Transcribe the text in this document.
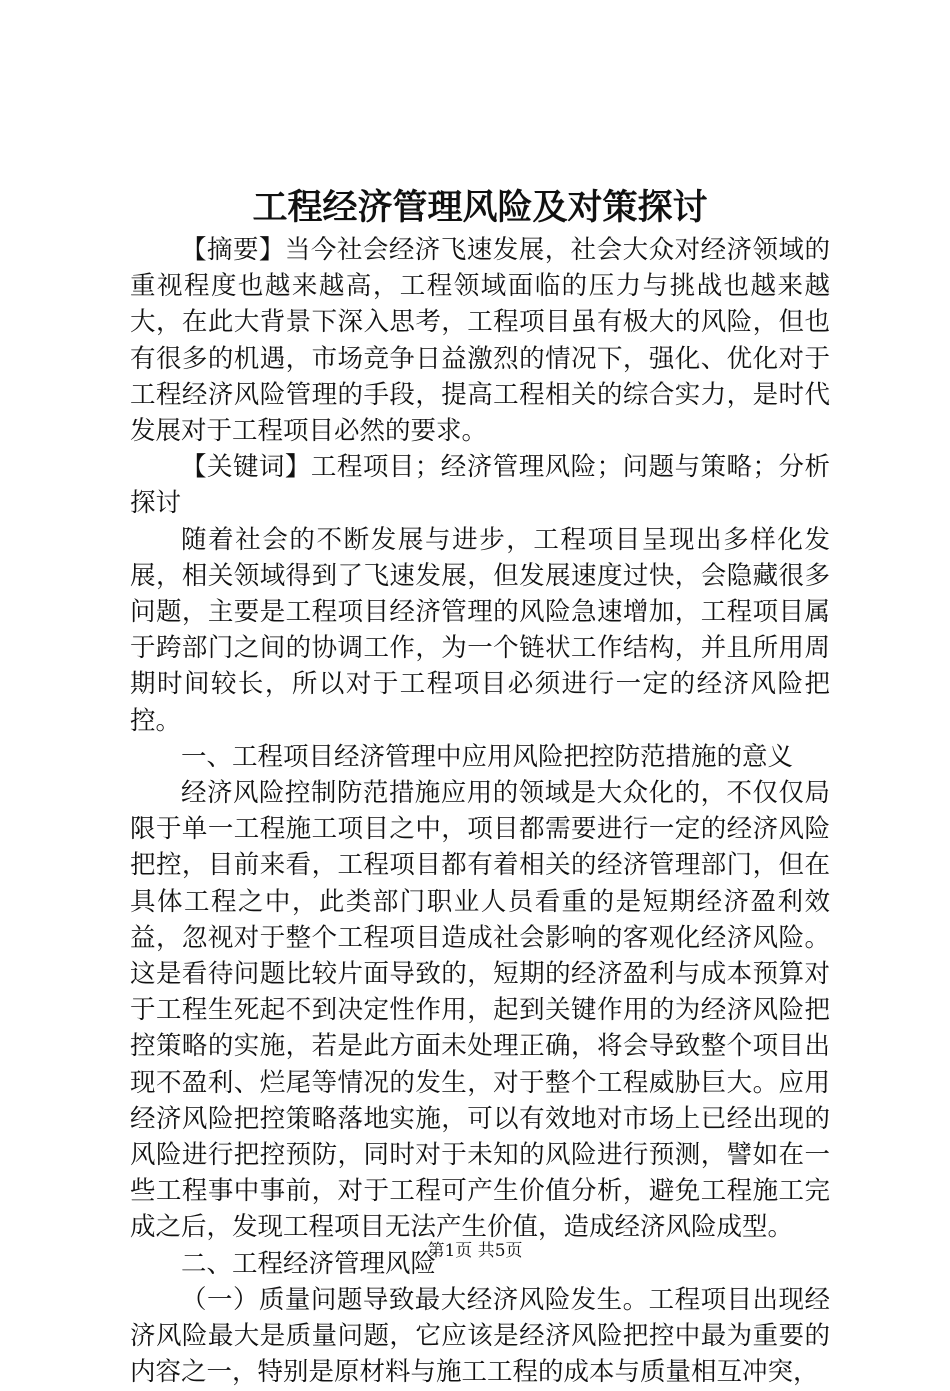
工程经济管理风险及对策探讨

【摘要】当今社会经济飞速发展，社会大众对经济领域的重视程度也越来越高，工程领域面临的压力与挑战也越来越大，在此大背景下深入思考，工程项目虽有极大的风险，但也有很多的机遇，市场竞争日益激烈的情况下，强化、优化对于工程经济风险管理的手段，提高工程相关的综合实力，是时代发展对于工程项目必然的要求。

【关键词】工程项目；经济管理风险；问题与策略；分析探讨

随着社会的不断发展与进步，工程项目呈现出多样化发展，相关领域得到了飞速发展，但发展速度过快，会隐藏很多问题，主要是工程项目经济管理的风险急速增加，工程项目属于跨部门之间的协调工作，为一个链状工作结构，并且所用周期时间较长，所以对于工程项目必须进行一定的经济风险把控。

一、工程项目经济管理中应用风险把控防范措施的意义

经济风险控制防范措施应用的领域是大众化的，不仅仅局限于单一工程施工项目之中，项目都需要进行一定的经济风险把控，目前来看，工程项目都有着相关的经济管理部门，但在具体工程之中，此类部门职业人员看重的是短期经济盈利效益，忽视对于整个工程项目造成社会影响的客观化经济风险。这是看待问题比较片面导致的，短期的经济盈利与成本预算对于工程生死起不到决定性作用，起到关键作用的为经济风险把控策略的实施，若是此方面未处理正确，将会导致整个项目出现不盈利、烂尾等情况的发生，对于整个工程威胁巨大。应用经济风险把控策略落地实施，可以有效地对市场上已经出现的风险进行把控预防，同时对于未知的风险进行预测，譬如在一些工程事中事前，对于工程可产生价值分析，避免工程施工完成之后，发现工程项目无法产生价值，造成经济风险成型。

二、工程经济管理风险

（一）质量问题导致最大经济风险发生。工程项目出现经济风险最大是质量问题，它应该是经济风险把控中最为重要的内容之一，特别是原材料与施工工程的成本与质量相互冲突，

第1页 共5页
